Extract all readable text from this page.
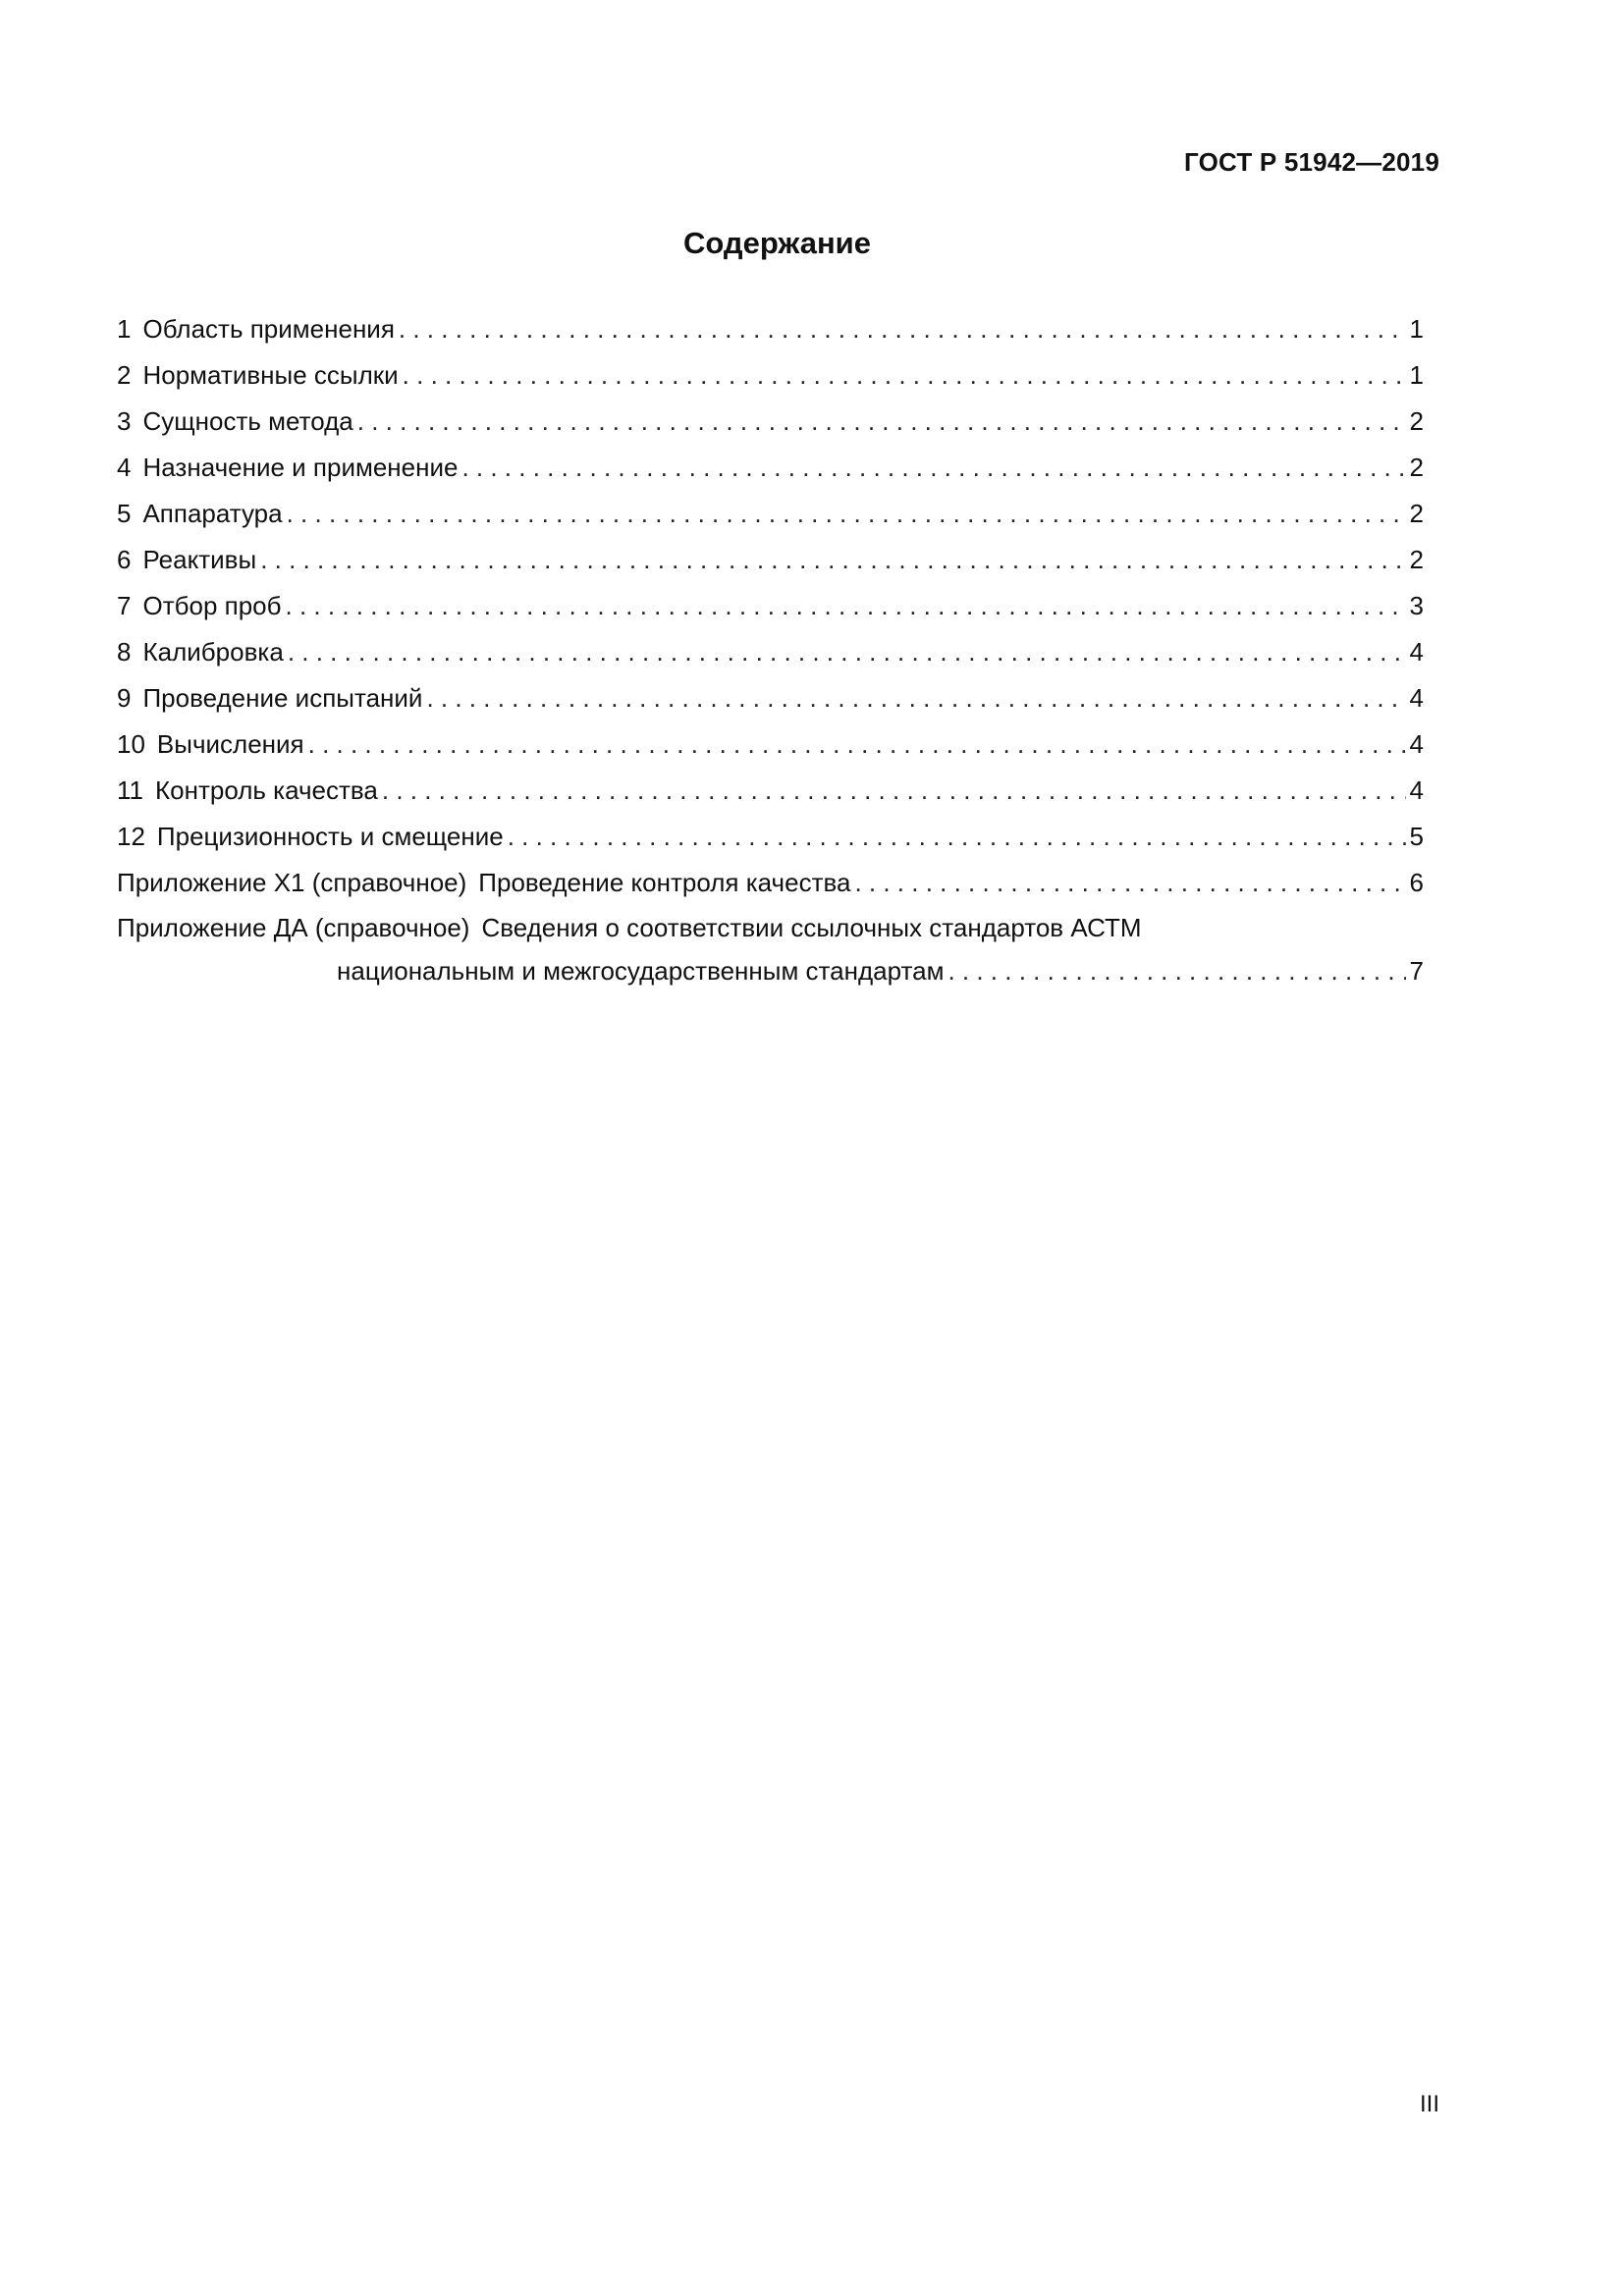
ГОСТ Р 51942—2019
Содержание
1 Область применения . . .	1
2 Нормативные ссылки . . .	1
3 Сущность метода . . .	2
4 Назначение и применение . . .	2
5 Аппаратура . . .	2
6 Реактивы . . .	2
7 Отбор проб . . .	3
8 Калибровка . . .	4
9 Проведение испытаний . . .	4
10 Вычисления . . .	4
11 Контроль качества . . .	4
12 Прецизионность и смещение . . .	5
Приложение Х1 (справочное) Проведение контроля качества . . .	6
Приложение ДА (справочное) Сведения о соответствии ссылочных стандартов АСТМ
национальным и межгосударственным стандартам . . .	7
III
